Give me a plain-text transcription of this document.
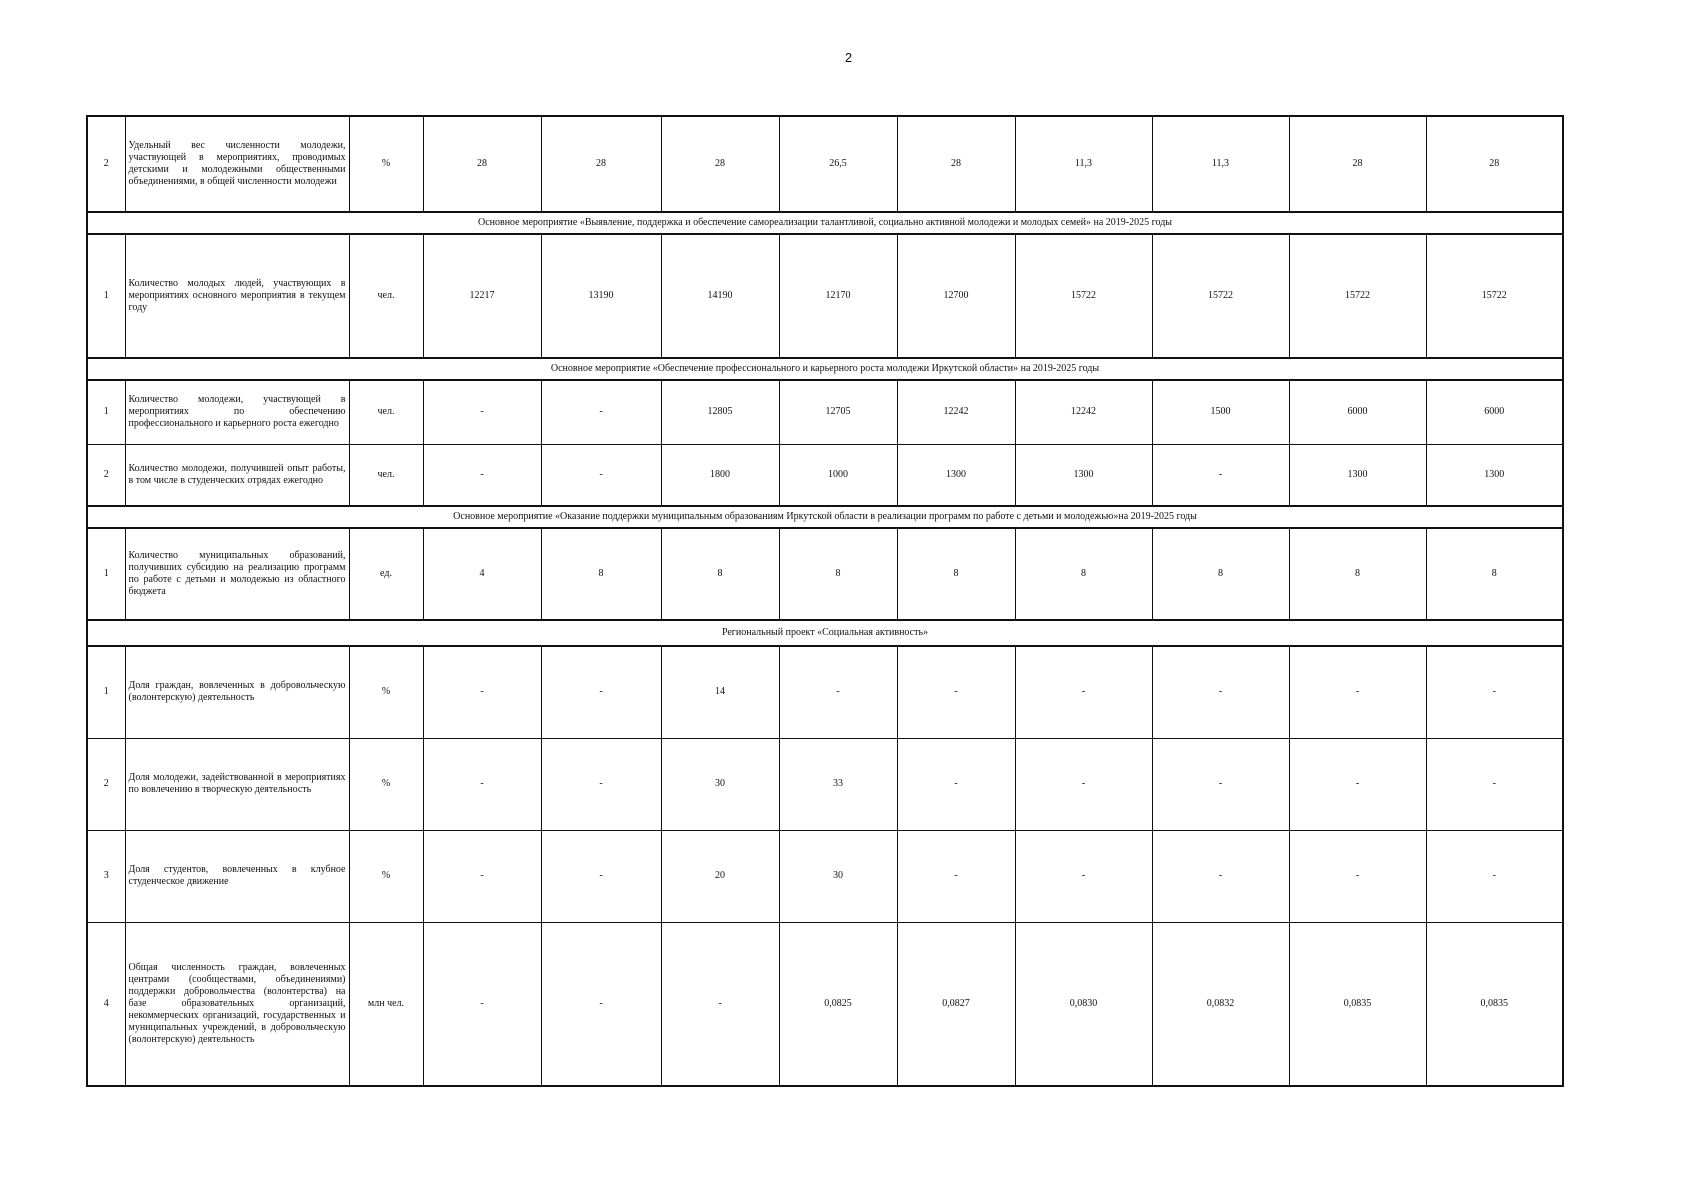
2
2	Удельный вес численности молодежи, участвующей в мероприятиях, проводимых детскими и молодежными общественными объединениями, в общей численности молодежи	%	28	28	28	26,5	28	11,3	11,3	28	28
Основное мероприятие «Выявление, поддержка и обеспечение самореализации талантливой, социально активной молодежи и молодых семей» на 2019-2025 годы											
1	Количество молодых людей, участвующих в мероприятиях основного мероприятия в текущем году	чел.	12217	13190	14190	12170	12700	15722	15722	15722	15722
Основное мероприятие «Обеспечение профессионального и карьерного роста молодежи Иркутской области» на 2019-2025 годы											
1	Количество молодежи, участвующей в мероприятиях по обеспечению профессионального и карьерного роста ежегодно	чел.	-	-	12805	12705	12242	12242	1500	6000	6000
2	Количество молодежи, получившей опыт работы, в том числе в студенческих отрядах ежегодно	чел.	-	-	1800	1000	1300	1300	-	1300	1300
Основное мероприятие «Оказание поддержки муниципальным образованиям Иркутской области в реализации программ по работе с детьми и молодежью»на 2019-2025 годы											
1	Количество муниципальных образований, получивших субсидию на реализацию программ по работе с детьми и молодежью из областного бюджета	ед.	4	8	8	8	8	8	8	8	8
Региональный проект «Социальная активность»											
1	Доля граждан, вовлеченных в добровольческую (волонтерскую) деятельность	%	-	-	14	-	-	-	-	-	-
2	Доля молодежи, задействованной в мероприятиях по вовлечению в творческую деятельность	%	-	-	30	33	-	-	-	-	-
3	Доля студентов, вовлеченных в клубное студенческое движение	%	-	-	20	30	-	-	-	-	-
4	Общая численность граждан, вовлеченных центрами (сообществами, объединениями) поддержки добровольчества (волонтерства) на базе образовательных организаций, некоммерческих организаций, государственных и муниципальных учреждений, в добровольческую (волонтерскую) деятельность	млн чел.	-	-	-	0,0825	0,0827	0,0830	0,0832	0,0835	0,0835
